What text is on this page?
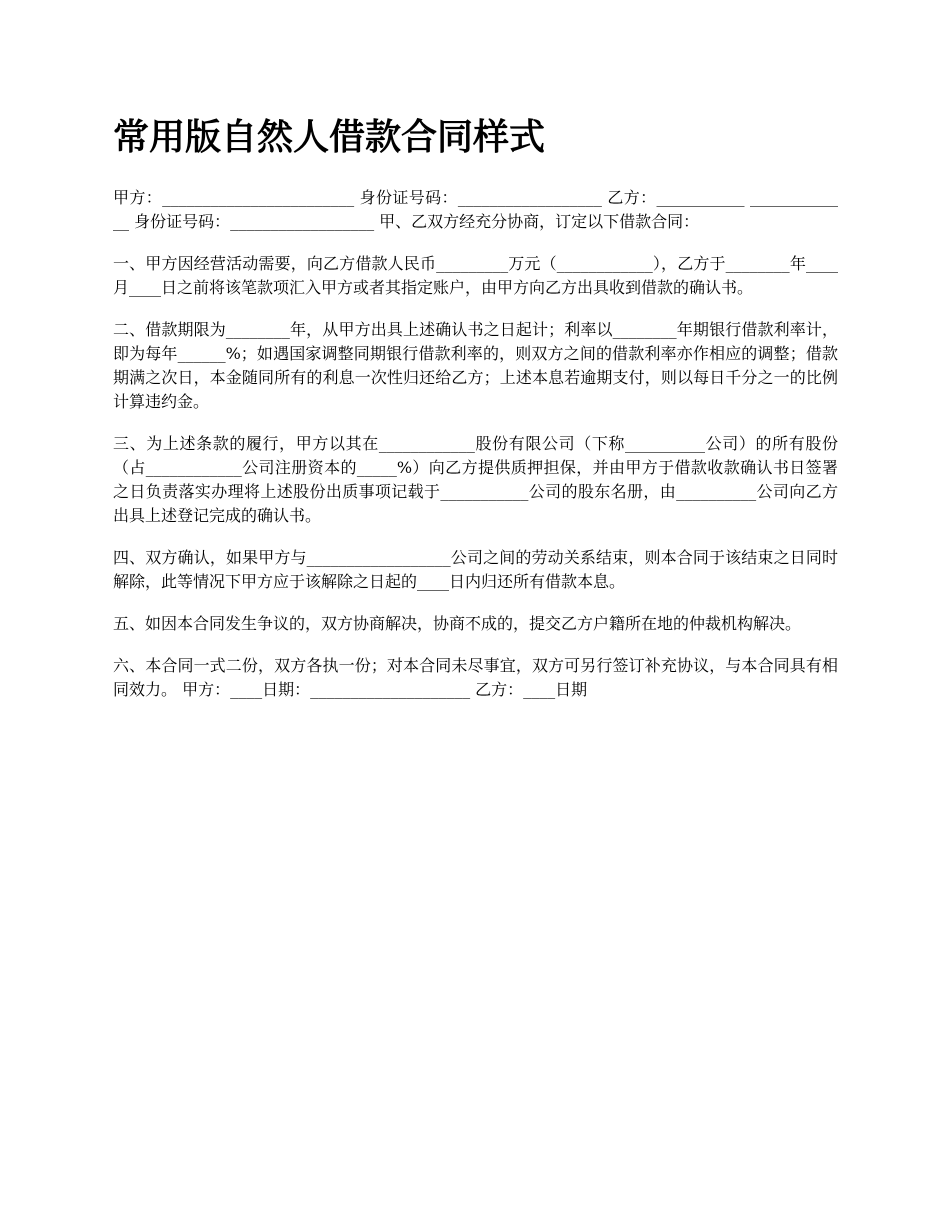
常用版自然人借款合同样式

甲方：________________________ 身份证号码：__________________ 乙方：___________ _____________ 身份证号码：__________________ 甲、乙双方经充分协商，订定以下借款合同：

一、甲方因经营活动需要，向乙方借款人民币_________万元（____________），乙方于________年____月____日之前将该笔款项汇入甲方或者其指定账户，由甲方向乙方出具收到借款的确认书。

二、借款期限为________年，从甲方出具上述确认书之日起计；利率以________年期银行借款利率计，即为每年______%；如遇国家调整同期银行借款利率的，则双方之间的借款利率亦作相应的调整；借款期满之次日，本金随同所有的利息一次性归还给乙方；上述本息若逾期支付，则以每日千分之一的比例计算违约金。

三、为上述条款的履行，甲方以其在____________股份有限公司（下称__________公司）的所有股份（占____________公司注册资本的_____%）向乙方提供质押担保，并由甲方于借款收款确认书日签署之日负责落实办理将上述股份出质事项记载于___________公司的股东名册，由__________公司向乙方出具上述登记完成的确认书。

四、双方确认，如果甲方与__________________公司之间的劳动关系结束，则本合同于该结束之日同时解除，此等情况下甲方应于该解除之日起的____日内归还所有借款本息。

五、如因本合同发生争议的，双方协商解决，协商不成的，提交乙方户籍所在地的仲裁机构解决。

六、本合同一式二份，双方各执一份；对本合同未尽事宜，双方可另行签订补充协议，与本合同具有相同效力。 甲方：____日期：____________________ 乙方：____日期
